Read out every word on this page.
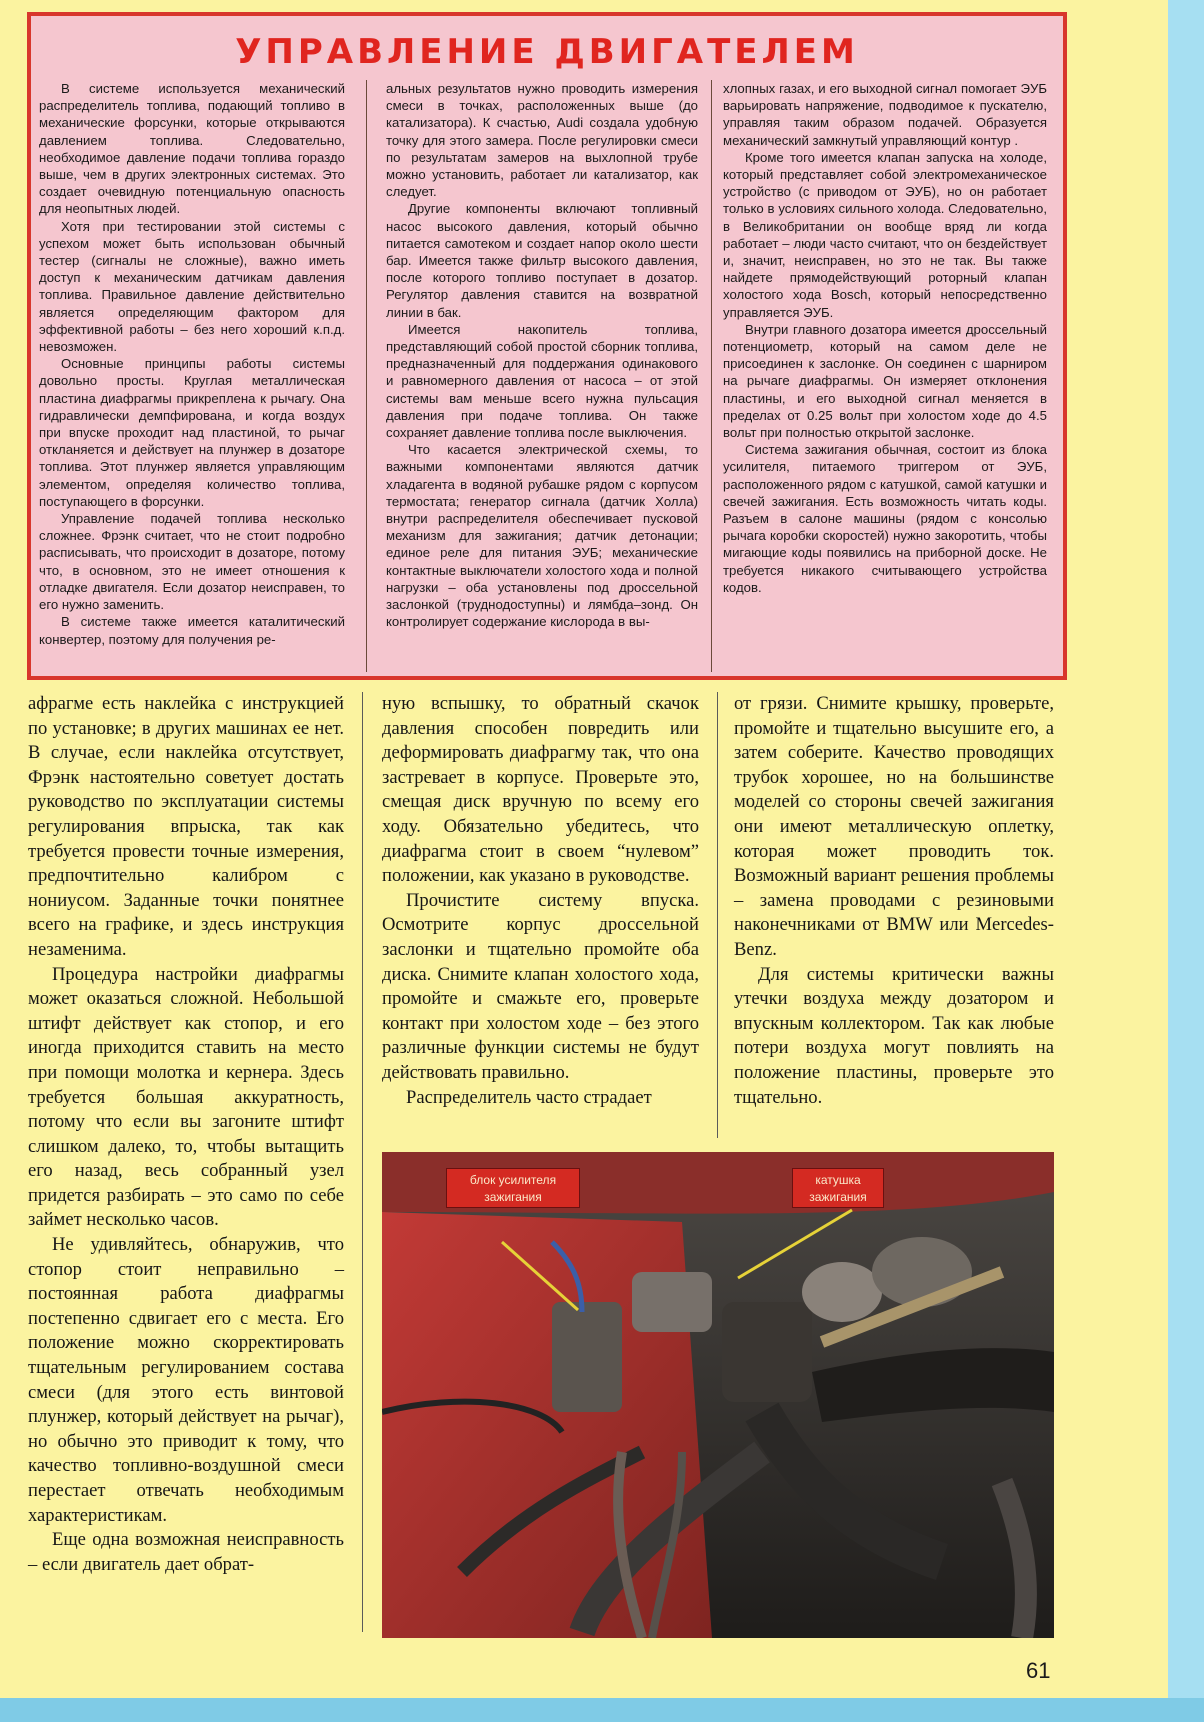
УПРАВЛЕНИЕ ДВИГАТЕЛЕМ

В системе используется механический распределитель топлива, подающий топливо в механические форсунки, которые открываются давлением топлива. Следовательно, необходимое давление подачи топлива гораздо выше, чем в других электронных системах. Это создает очевидную потенциальную опасность для неопытных людей.

Хотя при тестировании этой системы с успехом может быть использован обычный тестер (сигналы не сложные), важно иметь доступ к механическим датчикам давления топлива. Правильное давление действительно является определяющим фактором для эффективной работы – без него хороший к.п.д. невозможен.

Основные принципы работы системы довольно просты. Круглая металлическая пластина диафрагмы прикреплена к рычагу. Она гидравлически демпфирована, и когда воздух при впуске проходит над пластиной, то рычаг откланяется и действует на плунжер в дозаторе топлива. Этот плунжер является управляющим элементом, определяя количество топлива, поступающего в форсунки.

Управление подачей топлива несколько сложнее. Фрэнк считает, что не стоит подробно расписывать, что происходит в дозаторе, потому что, в основном, это не имеет отношения к отладке двигателя. Если дозатор неисправен, то его нужно заменить.

В системе также имеется каталитический конвертер, поэтому для получения ре-

альных результатов нужно проводить измерения смеси в точках, расположенных выше (до катализатора). К счастью, Audi создала удобную точку для этого замера. После регулировки смеси по результатам замеров на выхлопной трубе можно установить, работает ли катализатор, как следует.

Другие компоненты включают топливный насос высокого давления, который обычно питается самотеком и создает напор около шести бар. Имеется также фильтр высокого давления, после которого топливо поступает в дозатор. Регулятор давления ставится на возвратной линии в бак.

Имеется накопитель топлива, представляющий собой простой сборник топлива, предназначенный для поддержания одинакового и равномерного давления от насоса – от этой системы вам меньше всего нужна пульсация давления при подаче топлива. Он также сохраняет давление топлива после выключения.

Что касается электрической схемы, то важными компонентами являются датчик хладагента в водяной рубашке рядом с корпусом термостата; генератор сигнала (датчик Холла) внутри распределителя обеспечивает пусковой механизм для зажигания; датчик детонации; единое реле для питания ЭУБ; механические контактные выключатели холостого хода и полной нагрузки – оба установлены под дроссельной заслонкой (труднодоступны) и лямбда–зонд. Он контролирует содержание кислорода в вы-

хлопных газах, и его выходной сигнал помогает ЭУБ варьировать напряжение, подводимое к пускателю, управляя таким образом подачей. Образуется механический замкнутый управляющий контур .

Кроме того имеется клапан запуска на холоде, который представляет собой электромеханическое устройство (с приводом от ЭУБ), но он работает только в условиях сильного холода. Следовательно, в Великобритании он вообще вряд ли когда работает – люди часто считают, что он бездействует и, значит, неисправен, но это не так. Вы также найдете прямодействующий роторный клапан холостого хода Bosch, который непосредственно управляется ЭУБ.

Внутри главного дозатора имеется дроссельный потенциометр, который на самом деле не присоединен к заслонке. Он соединен с шарниром на рычаге диафрагмы. Он измеряет отклонения пластины, и его выходной сигнал меняется в пределах от 0.25 вольт при холостом ходе до 4.5 вольт при полностью открытой заслонке.

Система зажигания обычная, состоит из блока усилителя, питаемого триггером от ЭУБ, расположенного рядом с катушкой, самой катушки и свечей зажигания. Есть возможность читать коды. Разъем в салоне машины (рядом с консолью рычага коробки скоростей) нужно закоротить, чтобы мигающие коды появились на приборной доске. Не требуется никакого считывающего устройства кодов.

афрагме есть наклейка с инструкцией по установке; в других машинах ее нет. В случае, если наклейка отсутствует, Фрэнк настоятельно советует достать руководство по эксплуатации системы регулирования впрыска, так как требуется провести точные измерения, предпочтительно калибром с нониусом. Заданные точки понятнее всего на графике, и здесь инструкция незаменима.

Процедура настройки диафрагмы может оказаться сложной. Небольшой штифт действует как стопор, и его иногда приходится ставить на место при помощи молотка и кернера. Здесь требуется большая аккуратность, потому что если вы загоните штифт слишком далеко, то, чтобы вытащить его назад, весь собранный узел придется разбирать – это само по себе займет несколько часов.

Не удивляйтесь, обнаружив, что стопор стоит неправильно – постоянная работа диафрагмы постепенно сдвигает его с места. Его положение можно скорректировать тщательным регулированием состава смеси (для этого есть винтовой плунжер, который действует на рычаг), но обычно это приводит к тому, что качество топливно-воздушной смеси перестает отвечать необходимым характеристикам.

Еще одна возможная неисправность – если двигатель дает обрат-

ную вспышку, то обратный скачок давления способен повредить или деформировать диафрагму так, что она застревает в корпусе. Проверьте это, смещая диск вручную по всему его ходу. Обязательно убедитесь, что диафрагма стоит в своем “нулевом” положении, как указано в руководстве.

Прочистите систему впуска. Осмотрите корпус дроссельной заслонки и тщательно промойте оба диска. Снимите клапан холостого хода, промойте и смажьте его, проверьте контакт при холостом ходе – без этого различные функции системы не будут действовать правильно.

Распределитель часто страдает

от грязи. Снимите крышку, проверьте, промойте и тщательно высушите его, а затем соберите. Качество проводящих трубок хорошее, но на большинстве моделей со стороны свечей зажигания они имеют металлическую оплетку, которая может проводить ток. Возможный вариант решения проблемы – замена проводами с резиновыми наконечниками от BMW или Mercedes-Benz.

Для системы критически важны утечки воздуха между дозатором и впускным коллектором. Так как любые потери воздуха могут повлиять на положение пластины, проверьте это тщательно.

блок усилителя зажигания
катушка зажигания
61
